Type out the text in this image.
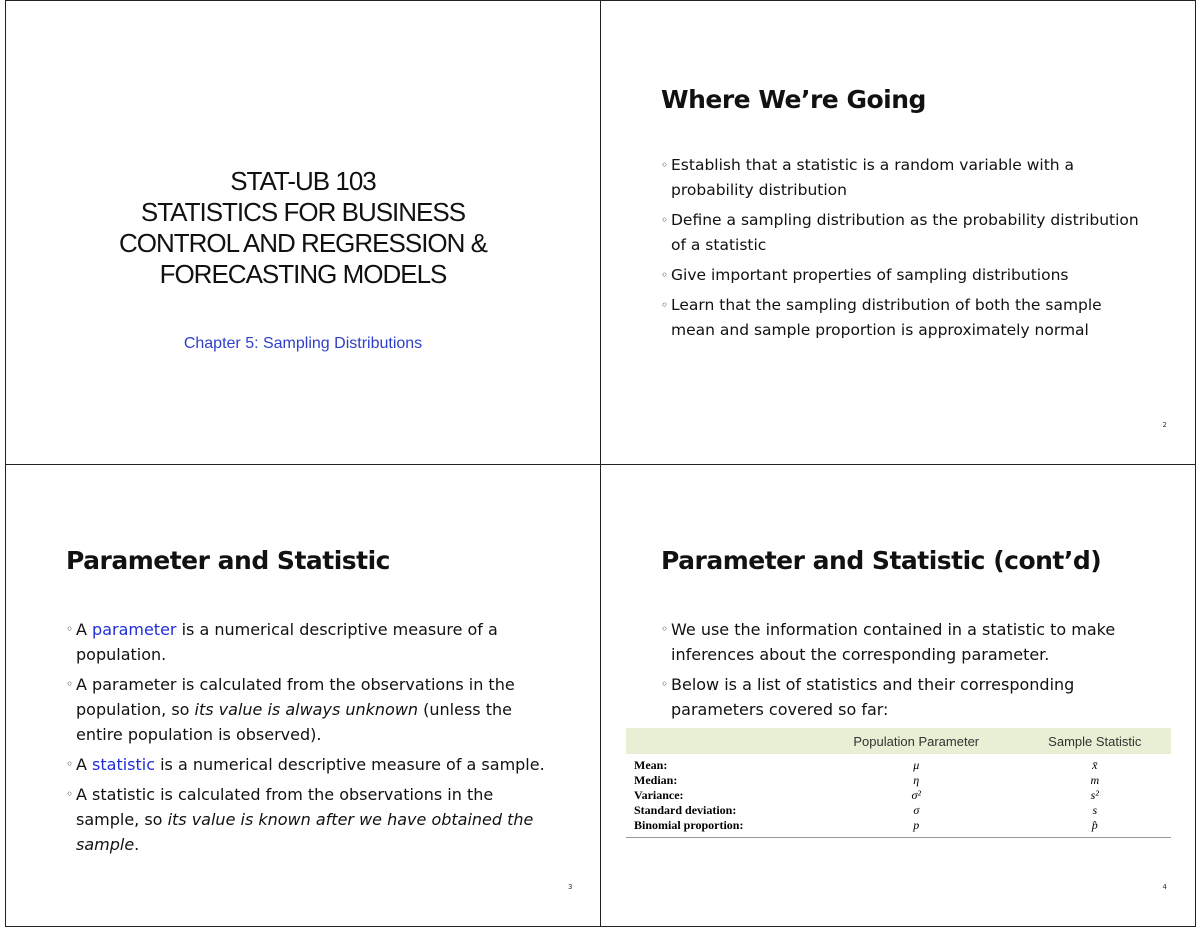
STAT-UB 103
STATISTICS FOR BUSINESS
CONTROL AND REGRESSION &
FORECASTING MODELS
Chapter 5: Sampling Distributions
Where We’re Going
◦ Establish that a statistic is a random variable with a probability distribution
◦ Define a sampling distribution as the probability distribution of a statistic
◦ Give important properties of sampling distributions
◦ Learn that the sampling distribution of both the sample mean and sample proportion is approximately normal
2
Parameter and Statistic
◦ A parameter is a numerical descriptive measure of a population.
◦ A parameter is calculated from the observations in the population, so its value is always unknown (unless the entire population is observed).
◦ A statistic is a numerical descriptive measure of a sample.
◦ A statistic is calculated from the observations in the sample, so its value is known after we have obtained the sample.
3
Parameter and Statistic (cont’d)
◦ We use the information contained in a statistic to make inferences about the corresponding parameter.
◦ Below is a list of statistics and their corresponding parameters covered so far:
	Population Parameter	Sample Statistic
Mean:	μ	x̄
Median:	η	m
Variance:	σ²	s²
Standard deviation:	σ	s
Binomial proportion:	p	p̂
4
